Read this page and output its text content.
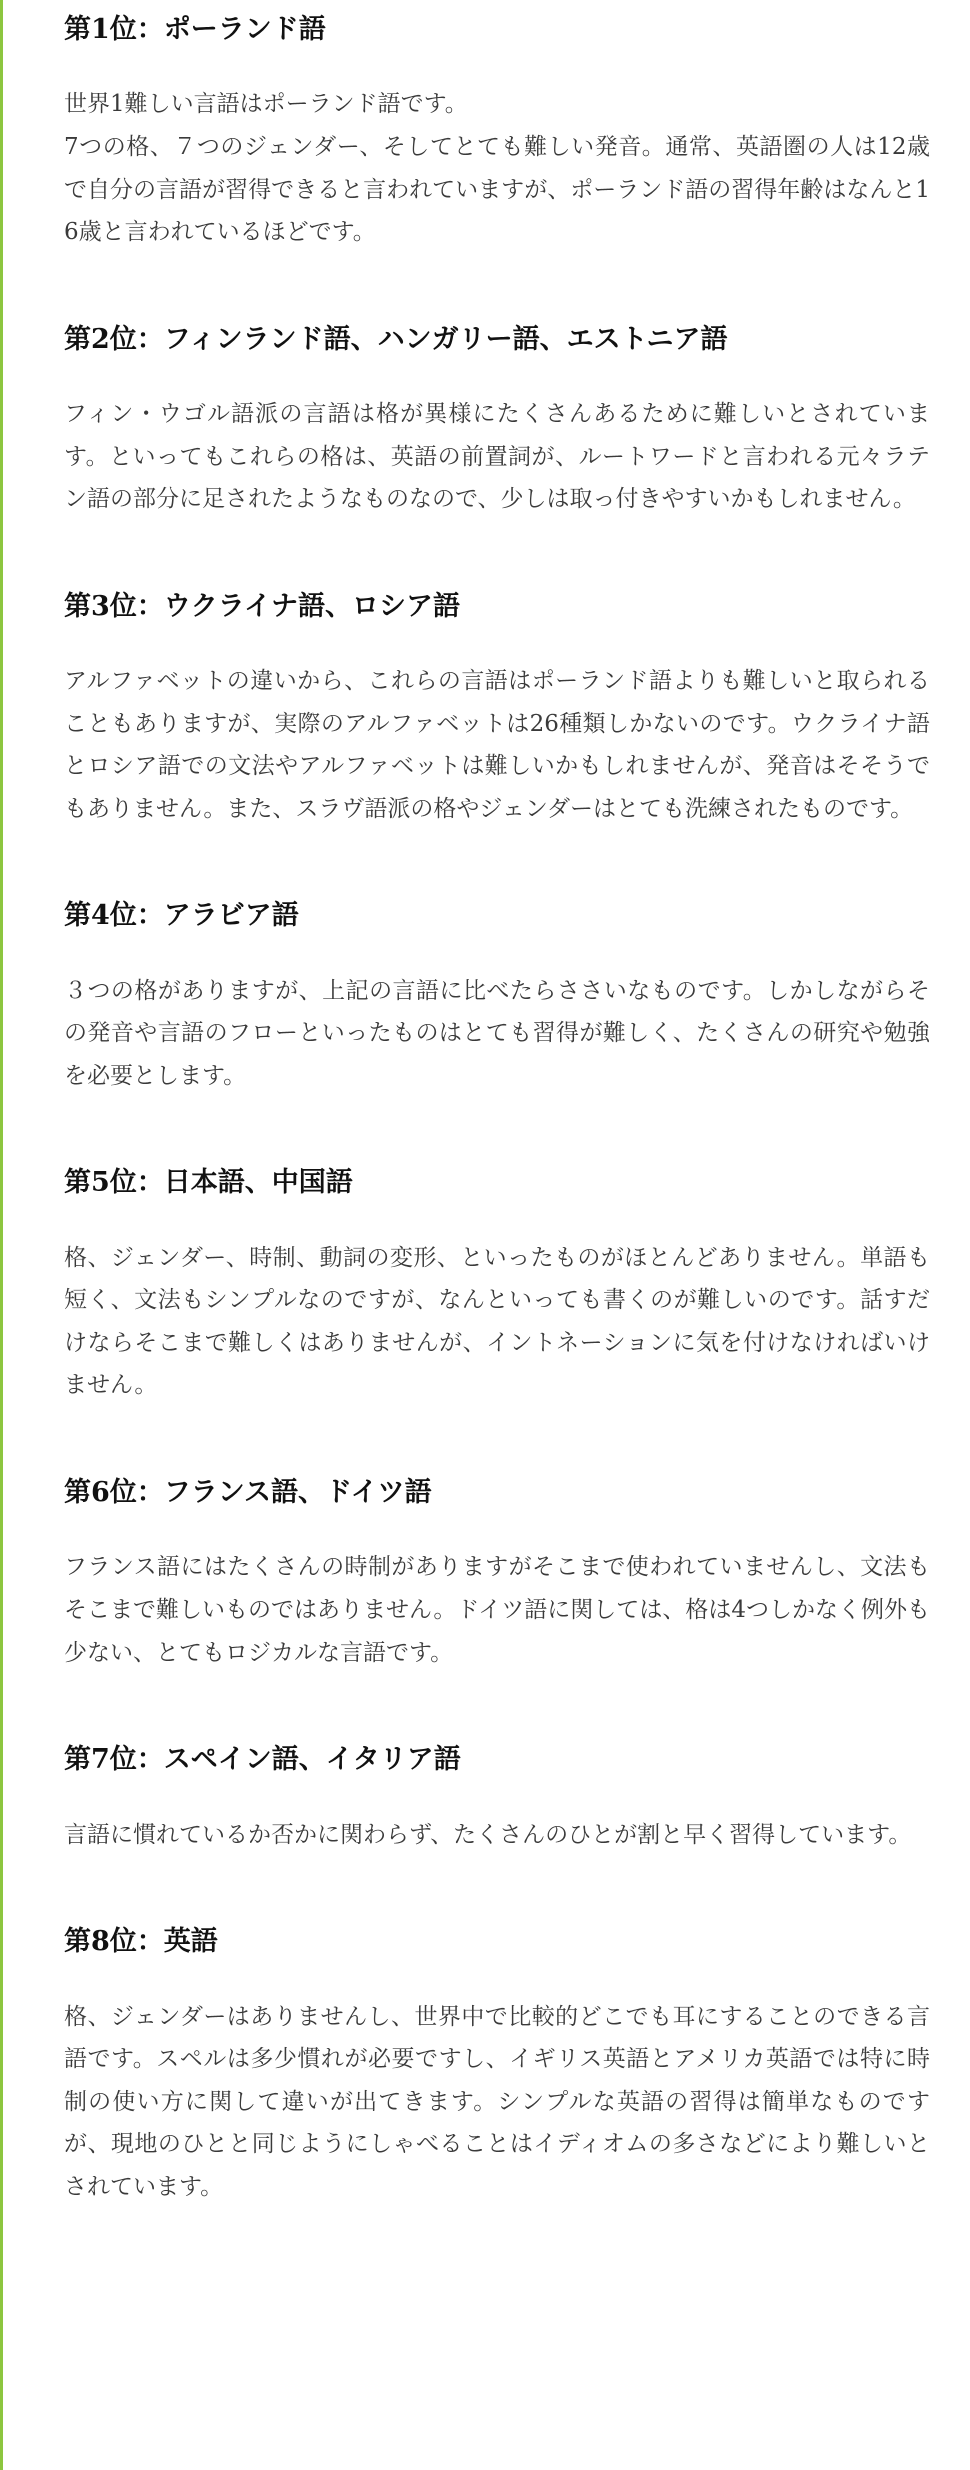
第1位：ポーランド語

世界1難しい言語はポーランド語です。
7つの格、７つのジェンダー、そしてとても難しい発音。通常、英語圏の人は12歳で自分の言語が習得できると言われていますが、ポーランド語の習得年齢はなんと16歳と言われているほどです。

第2位：フィンランド語、ハンガリー語、エストニア語

フィン・ウゴル語派の言語は格が異様にたくさんあるために難しいとされています。といってもこれらの格は、英語の前置詞が、ルートワードと言われる元々ラテン語の部分に足されたようなものなので、少しは取っ付きやすいかもしれません。

第3位：ウクライナ語、ロシア語

アルファベットの違いから、これらの言語はポーランド語よりも難しいと取られることもありますが、実際のアルファベットは26種類しかないのです。ウクライナ語とロシア語での文法やアルファベットは難しいかもしれませんが、発音はそそうでもありません。また、スラヴ語派の格やジェンダーはとても洗練されたものです。

第4位：アラビア語

３つの格がありますが、上記の言語に比べたらささいなものです。しかしながらその発音や言語のフローといったものはとても習得が難しく、たくさんの研究や勉強を必要とします。

第5位：日本語、中国語

格、ジェンダー、時制、動詞の変形、といったものがほとんどありません。単語も短く、文法もシンプルなのですが、なんといっても書くのが難しいのです。話すだけならそこまで難しくはありませんが、イントネーションに気を付けなければいけません。

第6位：フランス語、ドイツ語

フランス語にはたくさんの時制がありますがそこまで使われていませんし、文法もそこまで難しいものではありません。ドイツ語に関しては、格は4つしかなく例外も少ない、とてもロジカルな言語です。

第7位：スペイン語、イタリア語

言語に慣れているか否かに関わらず、たくさんのひとが割と早く習得しています。

第8位：英語

格、ジェンダーはありませんし、世界中で比較的どこでも耳にすることのできる言語です。スペルは多少慣れが必要ですし、イギリス英語とアメリカ英語では特に時制の使い方に関して違いが出てきます。シンプルな英語の習得は簡単なものですが、現地のひとと同じようにしゃべることはイディオムの多さなどにより難しいとされています。
